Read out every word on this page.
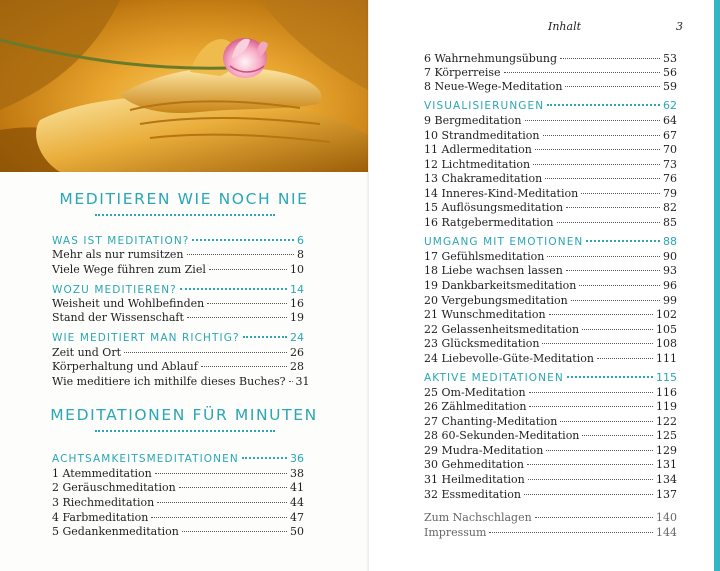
MEDITIEREN WIE NOCH NIE
MEDITATIONEN FÜR MINUTEN
WAS IST MEDITATION?	6
Mehr als nur rumsitzen	8
Viele Wege führen zum Ziel	10
WOZU MEDITIEREN?	14
Weisheit und Wohlbefinden	16
Stand der Wissenschaft	19
WIE MEDITIERT MAN RICHTIG?	24
Zeit und Ort	26
Körperhaltung und Ablauf	28
Wie meditiere ich mithilfe dieses Buches? 31
ACHTSAMKEITSMEDITATIONEN	36
1 Atemmeditation	38
2 Geräuschmeditation	41
3 Riechmeditation	44
4 Farbmeditation	47
5 Gedankenmeditation	50
Inhalt	3
6 Wahrnehmungsübung	53
7 Körperreise	56
8 Neue-Wege-Meditation	59
VISUALISIERUNGEN	62
9 Bergmeditation	64
10 Strandmeditation	67
11 Adlermeditation	70
12 Lichtmeditation	73
13 Chakrameditation	76
14 Inneres-Kind-Meditation	79
15 Auflösungsmeditation	82
16 Ratgebermeditation	85
UMGANG MIT EMOTIONEN	88
17 Gefühlsmeditation	90
18 Liebe wachsen lassen	93
19 Dankbarkeitsmeditation	96
20 Vergebungsmeditation	99
21 Wunschmeditation	102
22 Gelassenheitsmeditation	105
23 Glücksmeditation	108
24 Liebevolle-Güte-Meditation	111
AKTIVE MEDITATIONEN	115
25 Om-Meditation	116
26 Zählmeditation	119
27 Chanting-Meditation	122
28 60-Sekunden-Meditation	125
29 Mudra-Meditation	129
30 Gehmeditation	131
31 Heilmeditation	134
32 Essmeditation	137
Zum Nachschlagen	140
Impressum	144
